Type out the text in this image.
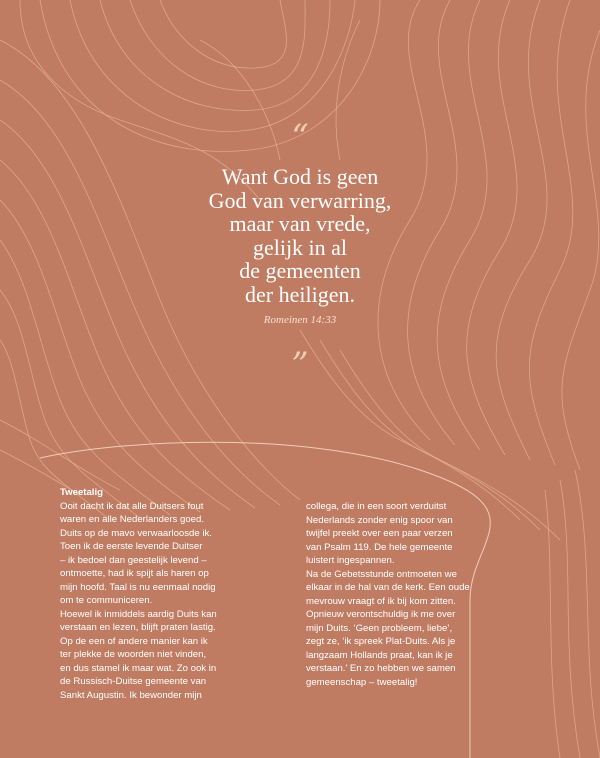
“
Want God is geen
God van verwarring,
maar van vrede,
gelijk in al
de gemeenten
der heiligen.
Romeinen 14:33
”
Tweetalig
Ooit dacht ik dat alle Duitsers fout
waren en alle Nederlanders goed.
Duits op de mavo verwaarloosde ik.
Toen ik de eerste levende Duitser
– ik bedoel dan geestelijk levend –
ontmoette, had ik spijt als haren op
mijn hoofd. Taal is nu eenmaal nodig
om te communiceren.
Hoewel ik inmiddels aardig Duits kan
verstaan en lezen, blijft praten lastig.
Op de een of andere manier kan ik
ter plekke de woorden niet vinden,
en dus stamel ik maar wat. Zo ook in
de Russisch-Duitse gemeente van
Sankt Augustin. Ik bewonder mijn
collega, die in een soort verduitst
Nederlands zonder enig spoor van
twijfel preekt over een paar verzen
van Psalm 119. De hele gemeente
luistert ingespannen.
Na de Gebetsstunde ontmoeten we
elkaar in de hal van de kerk. Een oude
mevrouw vraagt of ik bij kom zitten.
Opnieuw verontschuldig ik me over
mijn Duits. ‘Geen probleem, liebe’,
zegt ze, ‘ik spreek Plat-Duits. Als je
langzaam Hollands praat, kan ik je
verstaan.’ En zo hebben we samen
gemeenschap – tweetalig!
